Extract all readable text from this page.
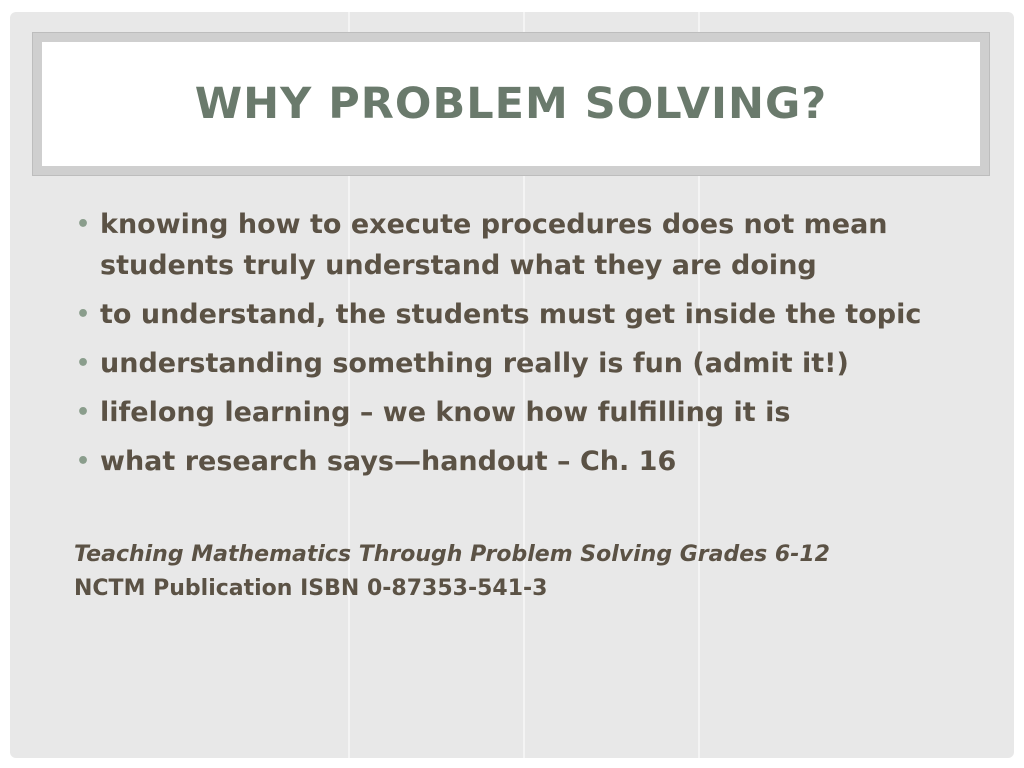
WHY PROBLEM SOLVING?
• knowing how to execute procedures does not mean students truly understand what they are doing
• to understand, the students must get inside the topic
• understanding something really is fun (admit it!)
• lifelong learning – we know how fulfilling it is
• what research says—handout – Ch. 16
Teaching Mathematics Through Problem Solving Grades 6-12
NCTM Publication ISBN 0-87353-541-3
